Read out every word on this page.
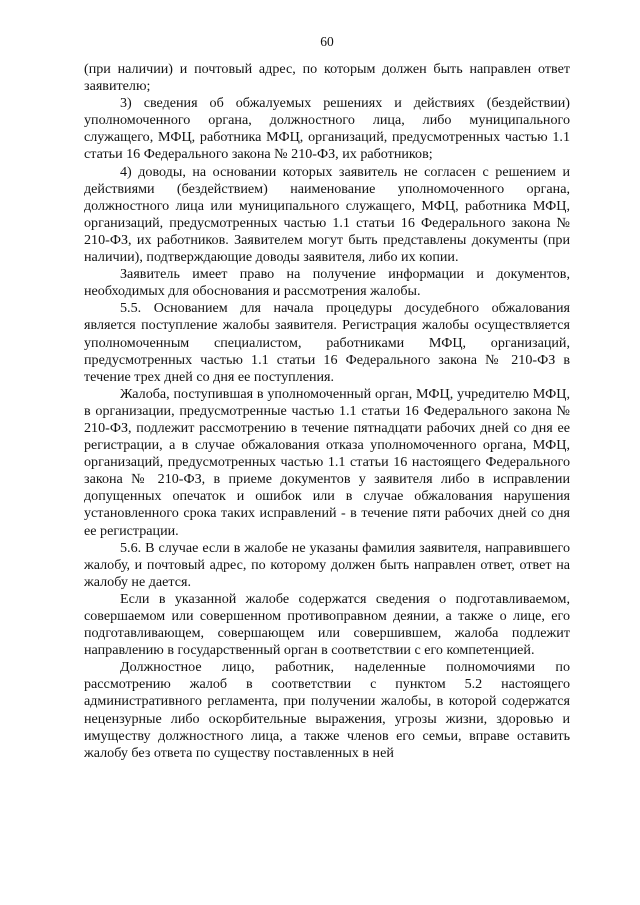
60

(при наличии) и почтовый адрес, по которым должен быть направлен ответ заявителю;

3) сведения об обжалуемых решениях и действиях (бездействии) уполномоченного органа, должностного лица, либо муниципального служащего, МФЦ, работника МФЦ, организаций, предусмотренных частью 1.1 статьи 16 Федерального закона № 210-ФЗ, их работников;

4) доводы, на основании которых заявитель не согласен с решением и действиями (бездействием) наименование уполномоченного органа, должностного лица или муниципального служащего, МФЦ, работника МФЦ, организаций, предусмотренных частью 1.1 статьи 16 Федерального закона № 210-ФЗ, их работников. Заявителем могут быть представлены документы (при наличии), подтверждающие доводы заявителя, либо их копии.

Заявитель имеет право на получение информации и документов, необходимых для обоснования и рассмотрения жалобы.

5.5. Основанием для начала процедуры досудебного обжалования является поступление жалобы заявителя. Регистрация жалобы осуществляется уполномоченным специалистом, работниками МФЦ, организаций, предусмотренных частью 1.1 статьи 16 Федерального закона № 210-ФЗ в течение трех дней со дня ее поступления.

Жалоба, поступившая в уполномоченный орган, МФЦ, учредителю МФЦ, в организации, предусмотренные частью 1.1 статьи 16 Федерального закона № 210-ФЗ, подлежит рассмотрению в течение пятнадцати рабочих дней со дня ее регистрации, а в случае обжалования отказа уполномоченного органа, МФЦ, организаций, предусмотренных частью 1.1 статьи 16 настоящего Федерального закона № 210-ФЗ, в приеме документов у заявителя либо в исправлении допущенных опечаток и ошибок или в случае обжалования нарушения установленного срока таких исправлений - в течение пяти рабочих дней со дня ее регистрации.

5.6. В случае если в жалобе не указаны фамилия заявителя, направившего жалобу, и почтовый адрес, по которому должен быть направлен ответ, ответ на жалобу не дается.

Если в указанной жалобе содержатся сведения о подготавливаемом, совершаемом или совершенном противоправном деянии, а также о лице, его подготавливающем, совершающем или совершившем, жалоба подлежит направлению в государственный орган в соответствии с его компетенцией.

Должностное лицо, работник, наделенные полномочиями по рассмотрению жалоб в соответствии с пунктом 5.2 настоящего административного регламента, при получении жалобы, в которой содержатся нецензурные либо оскорбительные выражения, угрозы жизни, здоровью и имуществу должностного лица, а также членов его семьи, вправе оставить жалобу без ответа по существу поставленных в ней
